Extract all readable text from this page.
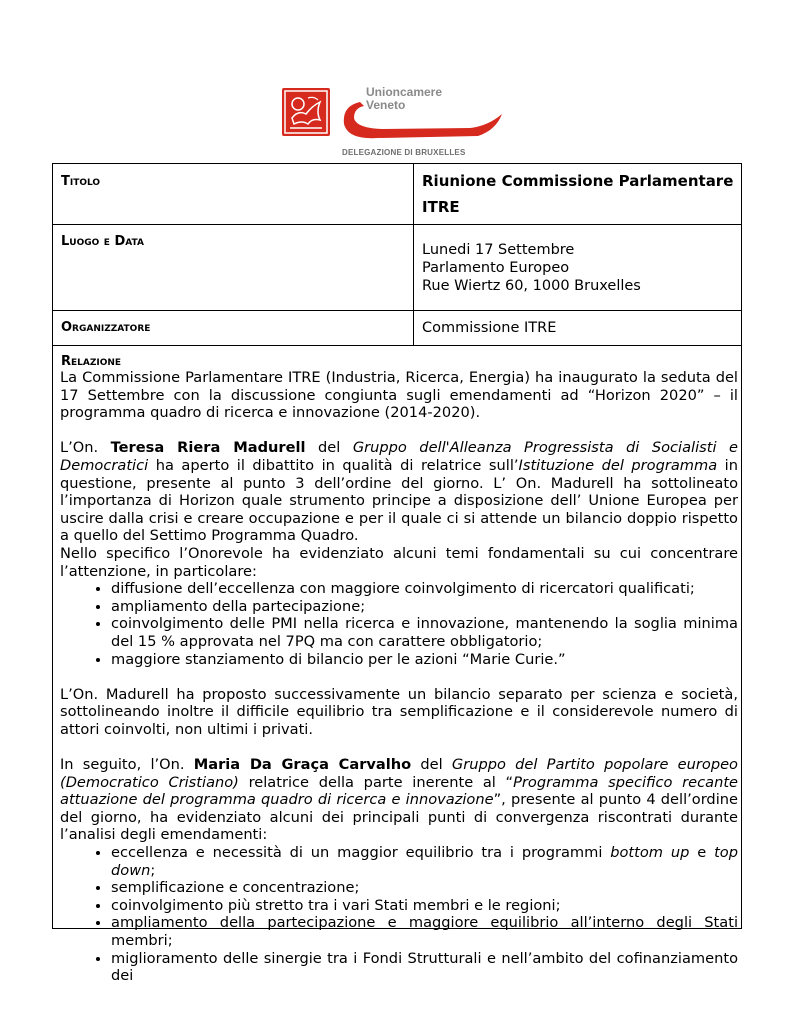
Unioncamere
Veneto
DELEGAZIONE DI BRUXELLES
Titolo	Riunione Commissione Parlamentare
ITRE
Luogo e Data
Lunedi 17 Settembre
Parlamento Europeo
Rue Wiertz 60, 1000 Bruxelles
Organizzatore	Commissione ITRE
Relazione

La Commissione Parlamentare ITRE (Industria, Ricerca, Energia) ha inaugurato la seduta del 17 Settembre con la discussione congiunta sugli emendamenti ad “Horizon 2020” – il programma quadro di ricerca e innovazione (2014-2020).

L’On. Teresa Riera Madurell del Gruppo dell'Alleanza Progressista di Socialisti e Democratici ha aperto il dibattito in qualità di relatrice sull’Istituzione del programma in questione, presente al punto 3 dell’ordine del giorno. L’ On. Madurell ha sottolineato l’importanza di Horizon quale strumento principe a disposizione dell’ Unione Europea per uscire dalla crisi e creare occupazione e per il quale ci si attende un bilancio doppio rispetto a quello del Settimo Programma Quadro.

Nello specifico l’Onorevole ha evidenziato alcuni temi fondamentali su cui concentrare l’attenzione, in particolare:

• diffusione dell’eccellenza con maggiore coinvolgimento di ricercatori qualificati;
• ampliamento della partecipazione;
• coinvolgimento delle PMI nella ricerca e innovazione, mantenendo la soglia minima del 15 % approvata nel 7PQ ma con carattere obbligatorio;
• maggiore stanziamento di bilancio per le azioni “Marie Curie.”

L’On. Madurell ha proposto successivamente un bilancio separato per scienza e società, sottolineando inoltre il difficile equilibrio tra semplificazione e il considerevole numero di attori coinvolti, non ultimi i privati.

In seguito, l’On. Maria Da Graça Carvalho del Gruppo del Partito popolare europeo (Democratico Cristiano) relatrice della parte inerente al “Programma specifico recante attuazione del programma quadro di ricerca e innovazione”, presente al punto 4 dell’ordine del giorno, ha evidenziato alcuni dei principali punti di convergenza riscontrati durante l’analisi degli emendamenti:

• eccellenza e necessità di un maggior equilibrio tra i programmi bottom up e top down;
• semplificazione e concentrazione;
• coinvolgimento più stretto tra i vari Stati membri e le regioni;
• ampliamento della partecipazione e maggiore equilibrio all’interno degli Stati membri;
• miglioramento delle sinergie tra i Fondi Strutturali e nell’ambito del cofinanziamento dei
